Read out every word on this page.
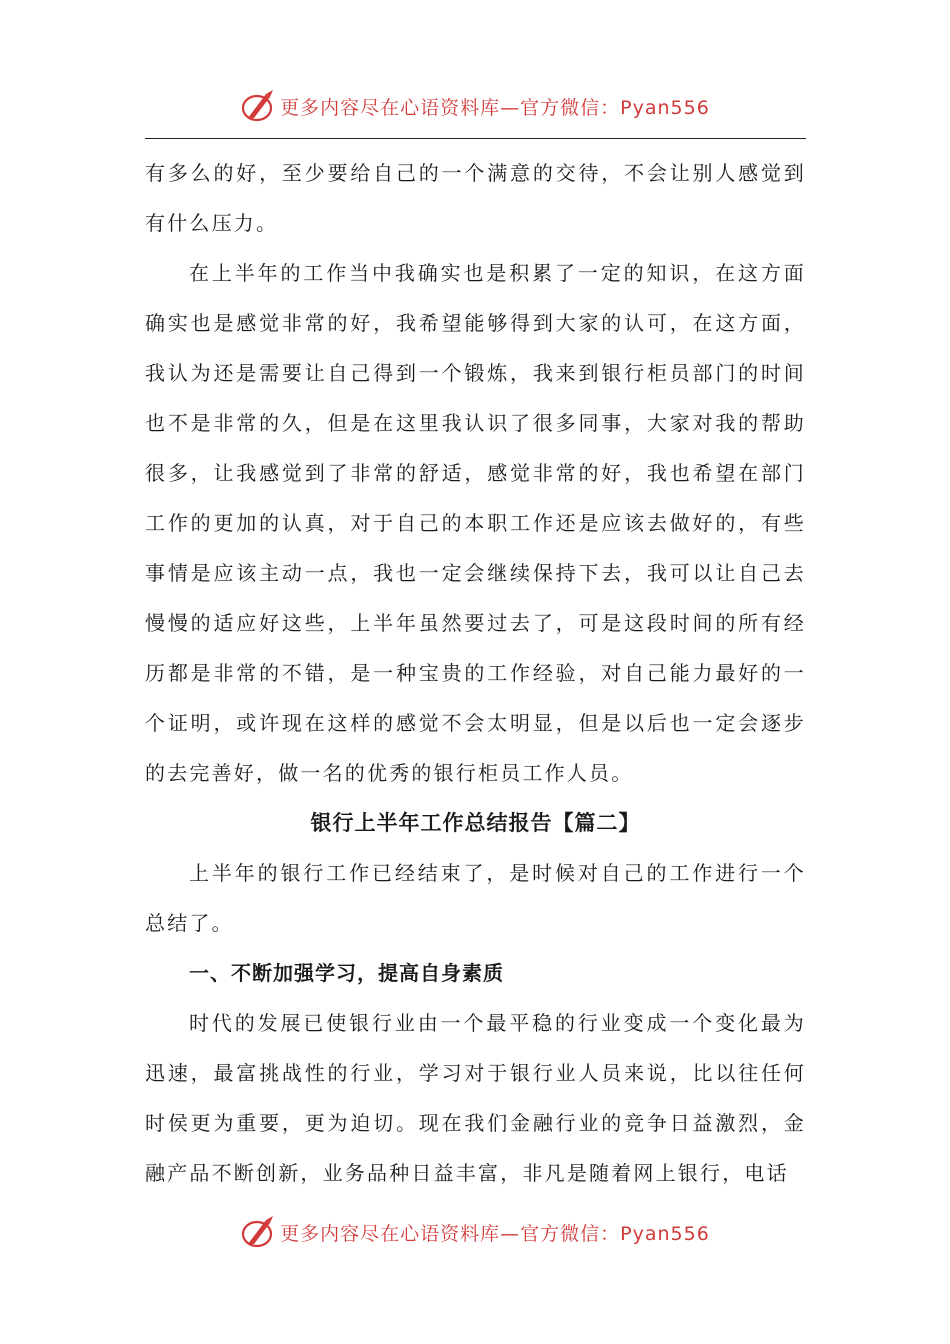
更多内容尽在心语资料库—官方微信：Pyan556

有多么的好，至少要给自己的一个满意的交待，不会让别人感觉到有什么压力。

在上半年的工作当中我确实也是积累了一定的知识，在这方面确实也是感觉非常的好，我希望能够得到大家的认可，在这方面，我认为还是需要让自己得到一个锻炼，我来到银行柜员部门的时间也不是非常的久，但是在这里我认识了很多同事，大家对我的帮助很多，让我感觉到了非常的舒适，感觉非常的好，我也希望在部门工作的更加的认真，对于自己的本职工作还是应该去做好的，有些事情是应该主动一点，我也一定会继续保持下去，我可以让自己去慢慢的适应好这些，上半年虽然要过去了，可是这段时间的所有经历都是非常的不错，是一种宝贵的工作经验，对自己能力最好的一个证明，或许现在这样的感觉不会太明显，但是以后也一定会逐步的去完善好，做一名的优秀的银行柜员工作人员。

银行上半年工作总结报告【篇二】

上半年的银行工作已经结束了，是时候对自己的工作进行一个总结了。

一、不断加强学习，提高自身素质

时代的发展已使银行业由一个最平稳的行业变成一个变化最为迅速，最富挑战性的行业，学习对于银行业人员来说，比以往任何时侯更为重要，更为迫切。现在我们金融行业的竞争日益激烈，金融产品不断创新，业务品种日益丰富，非凡是随着网上银行，电话

更多内容尽在心语资料库—官方微信：Pyan556
